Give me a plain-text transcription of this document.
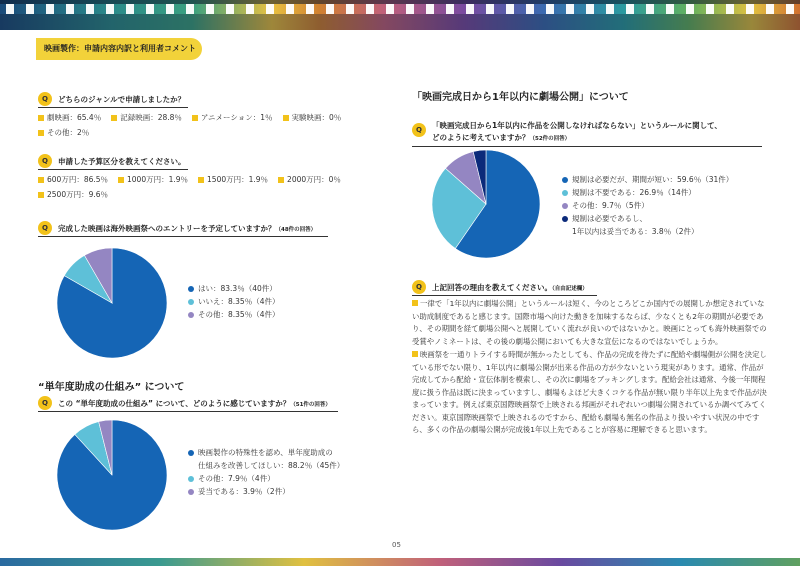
映画製作：申請内容内訳と利用者コメント
Q	どちらのジャンルで申請しましたか？
劇映画：65.4％	記録映画：28.8％	アニメーション：1％	実験映画：0％
その他：2％
Q	申請した予算区分を教えてください。
600万円：86.5％	1000万円：1.9％	1500万円：1.9％	2000万円：0％
2500万円：9.6％
Q	完成した映画は海外映画祭へのエントリーを予定していますか？（48件の回答）
はい：83.3％（40件）
いいえ：8.35％（4件）
その他：8.35％（4件）
“単年度助成の仕組み” について
Q	この “単年度助成の仕組み” について、どのように感じていますか？（51件の回答）
映画製作の特殊性を認め、単年度助成の
仕組みを改善してほしい：88.2％（45件）
その他：7.9％（4件）
妥当である：3.9％（2件）
「映画完成日から1年以内に劇場公開」について
Q	「映画完成日から1年以内に作品を公開しなければならない」というルールに関して、
どのように考えていますか？（52件の回答）
規制は必要だが、期間が短い：59.6％（31件）
規制は不要である：26.9％（14件）
その他：9.7％（5件）
規制は必要であるし、
1年以内は妥当である：3.8％（2件）
Q	上記回答の理由を教えてください。（自由記述欄）

一律で「1年以内に劇場公開」というルールは短く、今のところどこか国内での展開しか想定されていない助成制度であると感じます。国際市場へ向けた動きを加味するならば、少なくとも2年の期間が必要であり、その期間を経て劇場公開へと展開していく流れが良いのではないかと。映画にとっても海外映画祭での受賞やノミネートは、その後の劇場公開においても大きな宣伝になるのではないでしょうか。

映画祭を一通りトライする時間が無かったとしても、作品の完成を待たずに配給や劇場側が公開を決定している形でない限り、1年以内に劇場公開が出来る作品の方が少ないという現実があります。通常、作品が完成してから配給・宣伝体制を模索し、その次に劇場をブッキングします。配給会社は通常、今後一年間程度に扱う作品は既に決まっていますし、劇場もよほど大きくコケる作品が無い限り半年以上先まで作品が決まっています。例えば東京国際映画祭で上映される邦画がそれぞれいつ劇場公開されているか調べてみてください。東京国際映画祭で上映されるのですから、配給も劇場も無名の作品より扱いやすい状況の中ですら、多くの作品の劇場公開が完成後1年以上先であることが容易に理解できると思います。

05
